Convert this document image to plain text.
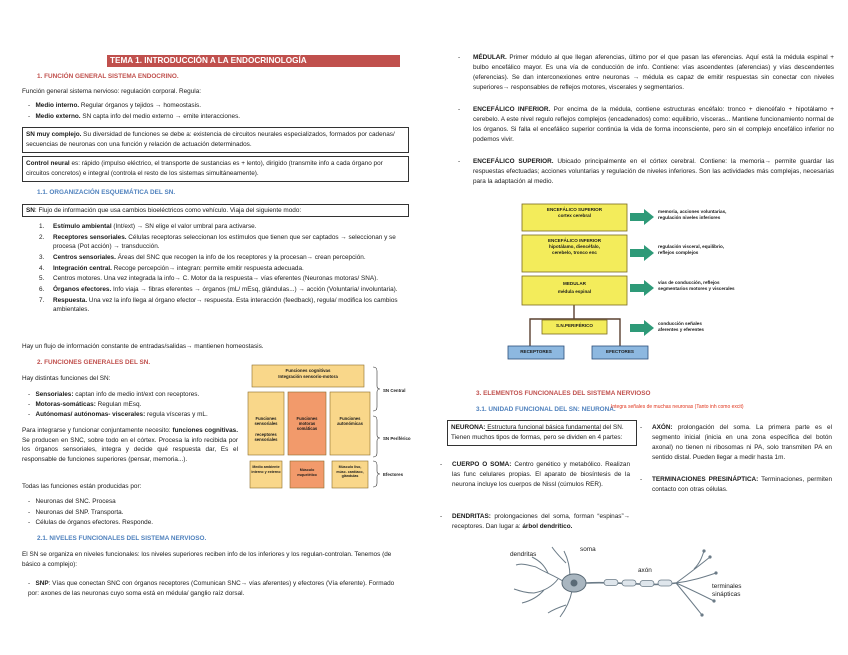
TEMA 1. INTRODUCCIÓN A LA ENDOCRINOLOGÍA
1. FUNCIÓN GENERAL SISTEMA ENDOCRINO.
Función general sistema nervioso: regulación corporal. Regula:
-   Medio interno. Regular órganos y tejidos → homeostasis.
-   Medio externo. SN capta info del medio externo → emite interacciones.
SN muy complejo. Su diversidad de funciones se debe a: existencia de circuitos neurales especializados, formados por cadenas/ secuencias de neuronas con una función y relación de actuación determinados.
Control neural es: rápido (impulso eléctrico, el transporte de sustancias es + lento), dirigido (transmite info a cada órgano por circuitos concretos) e integral (controla el resto de los sistemas simultáneamente).
1.1. ORGANIZACIÓN ESQUEMÁTICA DEL SN.
SN: Flujo de información que usa cambios bioeléctricos como vehículo. Viaja del siguiente modo:
1. Estímulo ambiental (Int/ext) → SN elige el valor umbral para activarse.
2. Receptores sensoriales. Células receptoras seleccionan los estímulos que tienen que ser captados → seleccionan y se procesa (Pot acción) → transducción.
3. Centros sensoriales. Áreas del SNC que recogen la info de los receptores y la procesan→ crean percepción.
4. Integración central. Recoge percepción→ integran: permite emitir respuesta adecuada.
5. Centros motores. Una vez integrada la info→ C. Motor da la respuesta→ vías eferentes (Neuronas motoras/ SNA).
6. Órganos efectores. Info viaja → fibras eferentes → órganos (mL/ mEsq, glándulas...) → acción (Voluntaria/ involuntaria).
7. Respuesta. Una vez la info llega al órgano efector→ respuesta. Esta interacción (feedback), regula/ modifica los cambios ambientales.
Hay un flujo de información constante de entradas/salidas→ mantienen homeostasis.
2. FUNCIONES GENERALES DEL SN.
Hay distintas funciones del SN:
-   Sensoriales: captan info de medio int/ext con receptores.
-   Motoras-somáticas: Regulan mEsq.
-   Autónomas/ autónomas- viscerales: regula vísceras y mL.
Para integrarse y funcionar conjuntamente necesito: funciones cognitivas. Se producen en SNC, sobre todo en el córtex. Procesa la info recibida por los órganos sensoriales, integra y decide qué respuesta dar, Es el responsable de funciones superiores (pensar, memoria...).
Todas las funciones están producidas por:
-   Neuronas del SNC. Procesa
-   Neuronas del SNP. Transporta.
-   Células de órganos efectores. Responde.
2.1. NIVELES FUNCIONALES DEL SISTEMA NERVIOSO.
El SN se organiza en niveles funcionales: los niveles superiores reciben info de los inferiores y los regulan-controlan. Tenemos (de básico a complejo):
-   SNP: Vías que conectan SNC con órganos receptores (Comunican SNC→ vías aferentes) y efectores (Vía eferente). Formado por: axones de las neuronas cuyo soma está en médula/ ganglio raíz dorsal.
Funciones cognitivas
Integración sensorio-motora
Funciones sensoriales

receptores sensoriales
Funciones motoras somáticas
Funciones autonómicas
Medio ambiente interno y externo	Músculo esquelético
Músculo liso, músc. cardíaco, glándulas
SN Central
SN Periférico
Efectores
-	MÉDULAR. Primer módulo al que llegan aferencias, último por el que pasan las eferencias. Aquí está la médula espinal + bulbo encefálico mayor. Es una vía de conducción de info. Contiene: vías ascendentes (aferencias) y vías descendentes (eferencias). Se dan interconexiones entre neuronas → médula es capaz de emitir respuestas sin conectar con niveles superiores→ responsables de reflejos motores, viscerales y segmentarios.
-	ENCEFÁLICO INFERIOR. Por encima de la médula, contiene estructuras encéfalo: tronco + diencéfalo + hipotálamo + cerebelo. A este nivel regulo reflejos complejos (encadenados) como: equilibrio, vísceras... Mantiene funcionamiento normal de los órganos. Si falla el encefálico superior continúa la vida de forma inconsciente, pero sin el complejo encefálico inferior no podemos vivir.
-	ENCEFÁLICO SUPERIOR. Ubicado principalmente en el córtex cerebral. Contiene: la memoria→ permite guardar las respuestas efectuadas; acciones voluntarias y regulación de niveles inferiores. Son las actividades más complejas, necesarias para la adaptación al medio.
ENCEFÁLICO SUPERIOR
cortex cerebral
ENCEFÁLICO INFERIOR
hipotálamo, diencéfalo,
cerebelo, tronco enc
MEDULAR
médula espinal
S.N.PERIFÉRICO
RECEPTORES	EFECTORES
memoria, acciones voluntarias,
regulación niveles inferiores
regulación visceral, equilibrio,
reflejos complejos
vías de conducción, reflejos
segmentarios motores y viscerales
conducción señales
aferentes y eferentes
3. ELEMENTOS FUNCIONALES DEL SISTEMA NERVIOSO
3.1. UNIDAD FUNCIONAL DEL SN: NEURONA.
Integra señales de muchas neuronas (Tanto inh como excit)
NEURONA: Estructura funcional básica fundamental del SN. Tienen muchos tipos de formas, pero se dividen en 4 partes:
-	CUERPO O SOMA: Centro genético y metabólico. Realizan las func celulares propias. El aparato de biosíntesis de la neurona incluye los cuerpos de Nissl (cúmulos RER).
-	DENDRITAS: prolongaciones del soma, forman “espinas”→ receptores. Dan lugar a: árbol dendrítico.
-	AXÓN: prolongación del soma. La primera parte es el segmento inicial (inicia en una zona específica del botón axonal) no tienen ni ribosomas ni PA, solo transmiten PA en sentido distal. Pueden llegar a medir hasta 1m.
-	TERMINACIONES PRESINÁPTICA: Terminaciones, permiten contacto con otras células.
dendritas
soma
axón
terminales
sinápticas
